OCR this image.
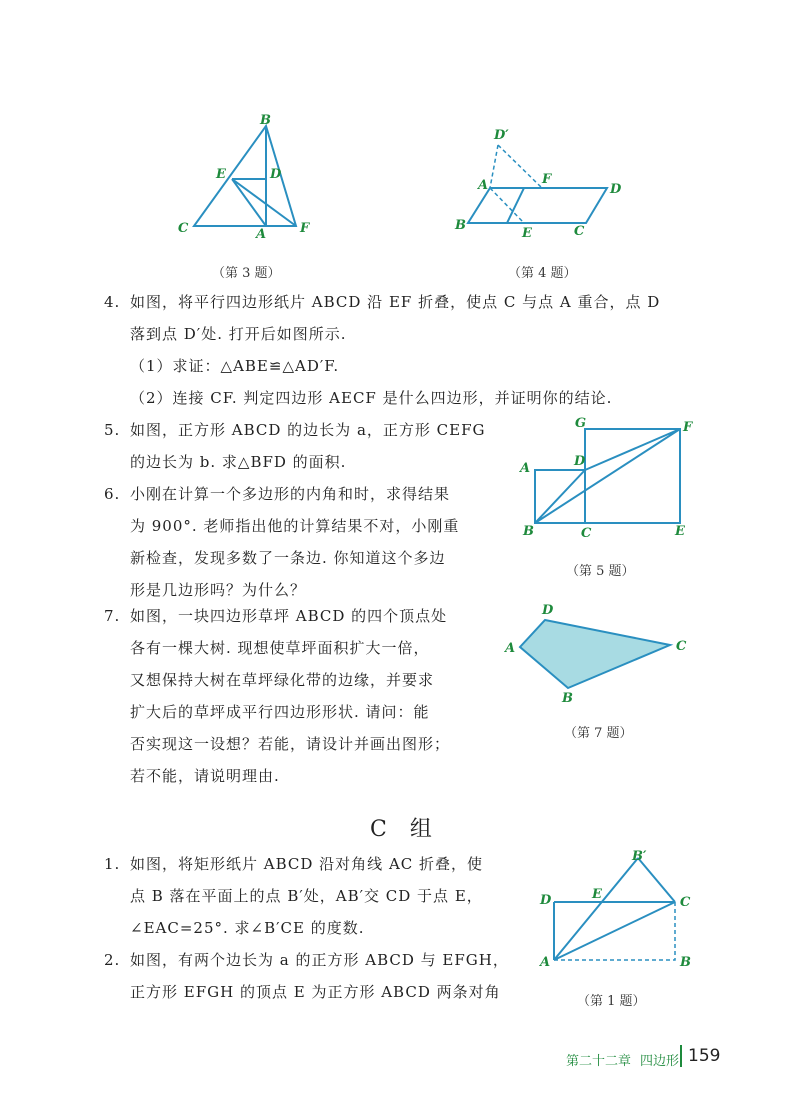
B
E	D
C	A	F
（第 3 题）
D′
A	F
D
B
E	C
（第 4 题）
4. 如图，将平行四边形纸片 ABCD 沿 EF 折叠，使点 C 与点 A 重合，点 D
落到点 D′处. 打开后如图所示.
（1）求证：△ABE≌△AD′F.
（2）连接 CF. 判定四边形 AECF 是什么四边形，并证明你的结论.
5. 如图，正方形 ABCD 的边长为 a，正方形 CEFG
的边长为 b. 求△BFD 的面积.
G	F
A	D
B	C	E
（第 5 题）
6. 小刚在计算一个多边形的内角和时，求得结果
为 900°. 老师指出他的计算结果不对，小刚重
新检查，发现多数了一条边. 你知道这个多边
形是几边形吗？为什么？
7. 如图，一块四边形草坪 ABCD 的四个顶点处
各有一棵大树. 现想使草坪面积扩大一倍，
又想保持大树在草坪绿化带的边缘，并要求
扩大后的草坪成平行四边形形状. 请问：能
否实现这一设想？若能，请设计并画出图形；
若不能，请说明理由.
D
A	C
B
（第 7 题）
C 组
1. 如图，将矩形纸片 ABCD 沿对角线 AC 折叠，使
点 B 落在平面上的点 B′处，AB′交 CD 于点 E，
∠EAC=25°. 求∠B′CE 的度数.
2. 如图，有两个边长为 a 的正方形 ABCD 与 EFGH，
正方形 EFGH 的顶点 E 为正方形 ABCD 两条对角
B′
D	E
C
A	B
（第 1 题）
第二十二章 四边形 159
